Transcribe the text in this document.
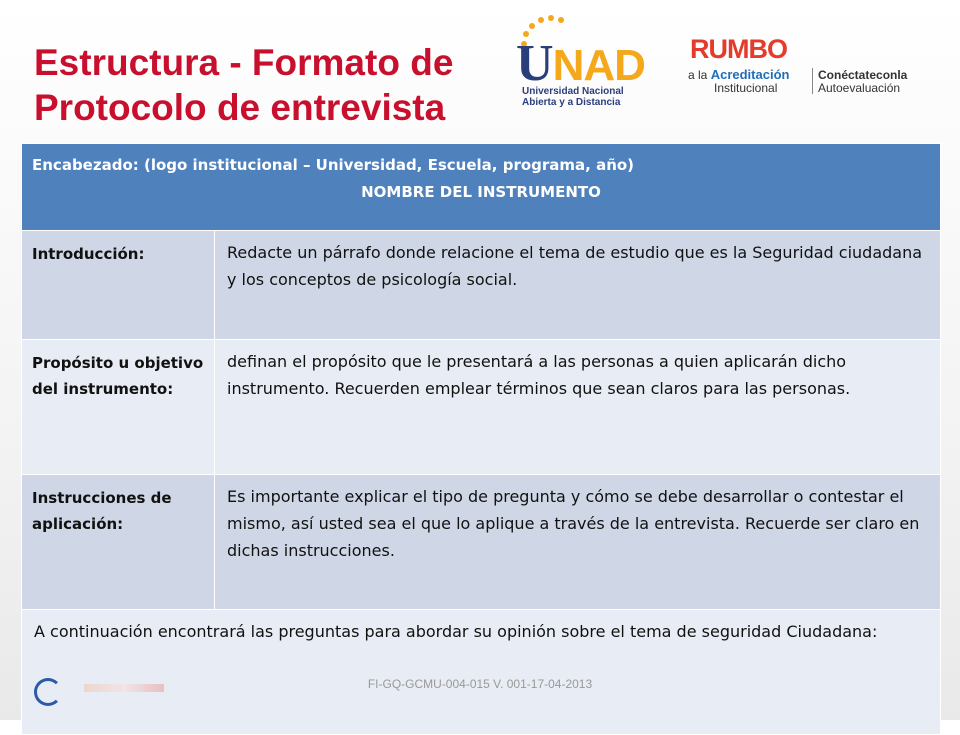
Estructura - Formato de
Protocolo de entrevista
UNAD
Universidad Nacional
Abierta y a Distancia
RUMBO
a la Acreditación
Institucional
Conéctateconla
Autoevaluación
Encabezado: (logo institucional – Universidad, Escuela, programa, año)
NOMBRE DEL INSTRUMENTO	

Introducción:	Redacte un párrafo donde relacione el tema de estudio que es la Seguridad ciudadana y los conceptos de psicología social.
Propósito u objetivo del instrumento:	definan el propósito que le presentará a las personas a quien aplicarán dicho instrumento. Recuerden emplear términos que sean claros para las personas.
Instrucciones de aplicación:	Es importante explicar el tipo de pregunta y cómo se debe desarrollar o contestar el mismo, así usted sea el que lo aplique a través de la entrevista. Recuerde ser claro en dichas instrucciones.
A continuación encontrará las preguntas para abordar su opinión sobre el tema de seguridad Ciudadana:	
FI-GQ-GCMU-004-015 V. 001-17-04-2013
